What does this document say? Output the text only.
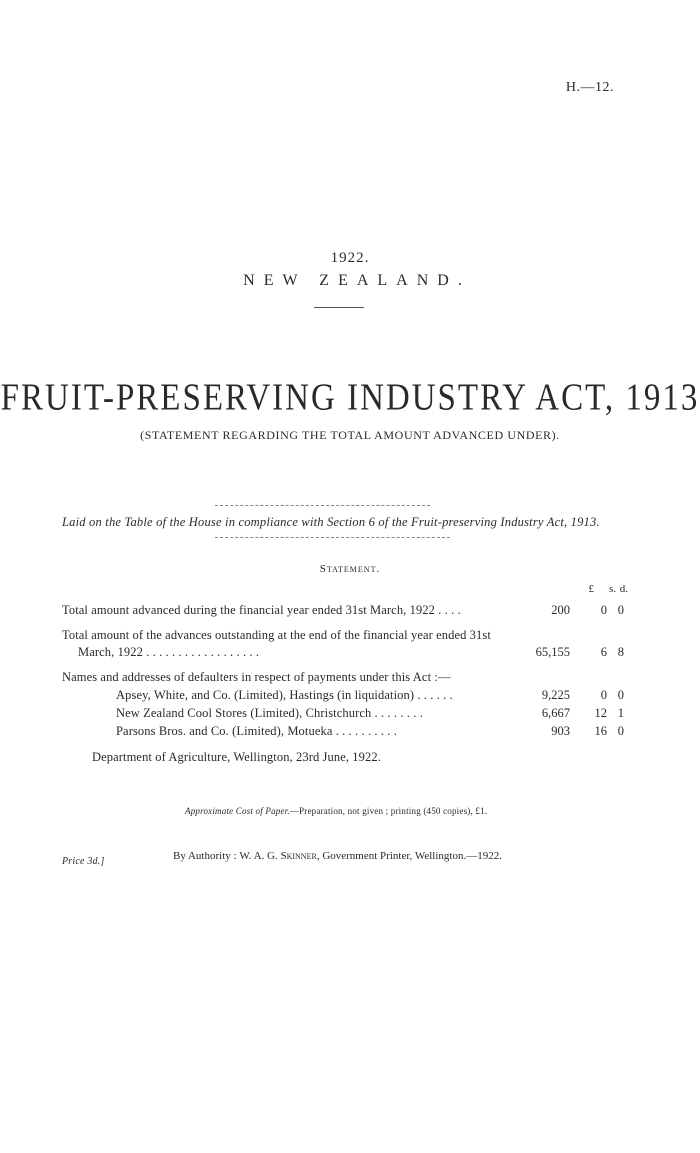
H.—12.
1922.
NEW ZEALAND.
FRUIT-PRESERVING INDUSTRY ACT, 1913
(STATEMENT REGARDING THE TOTAL AMOUNT ADVANCED UNDER).
Laid on the Table of the House in compliance with Section 6 of the Fruit-preserving Industry Act, 1913.
Statement.
£	s. d.
Total amount advanced during the financial year ended 31st March, 1922 . . . .	200	0 0
Total amount of the advances outstanding at the end of the financial year ended 31st
March, 1922 . . . . . . . . . . . . . . . . . .	65,155	6 8
Names and addresses of defaulters in respect of payments under this Act :—
Apsey, White, and Co. (Limited), Hastings (in liquidation) . . . . . .	9,225	0 0
New Zealand Cool Stores (Limited), Christchurch . . . . . . . .	6,667	12 1
Parsons Bros. and Co. (Limited), Motueka . . . . . . . . . .	903	16 0
Department of Agriculture, Wellington, 23rd June, 1922.
Approximate Cost of Paper.—Preparation, not given ; printing (450 copies), £1.
By Authority : W. A. G. Skinner, Government Printer, Wellington.—1922.
Price 3d.]
